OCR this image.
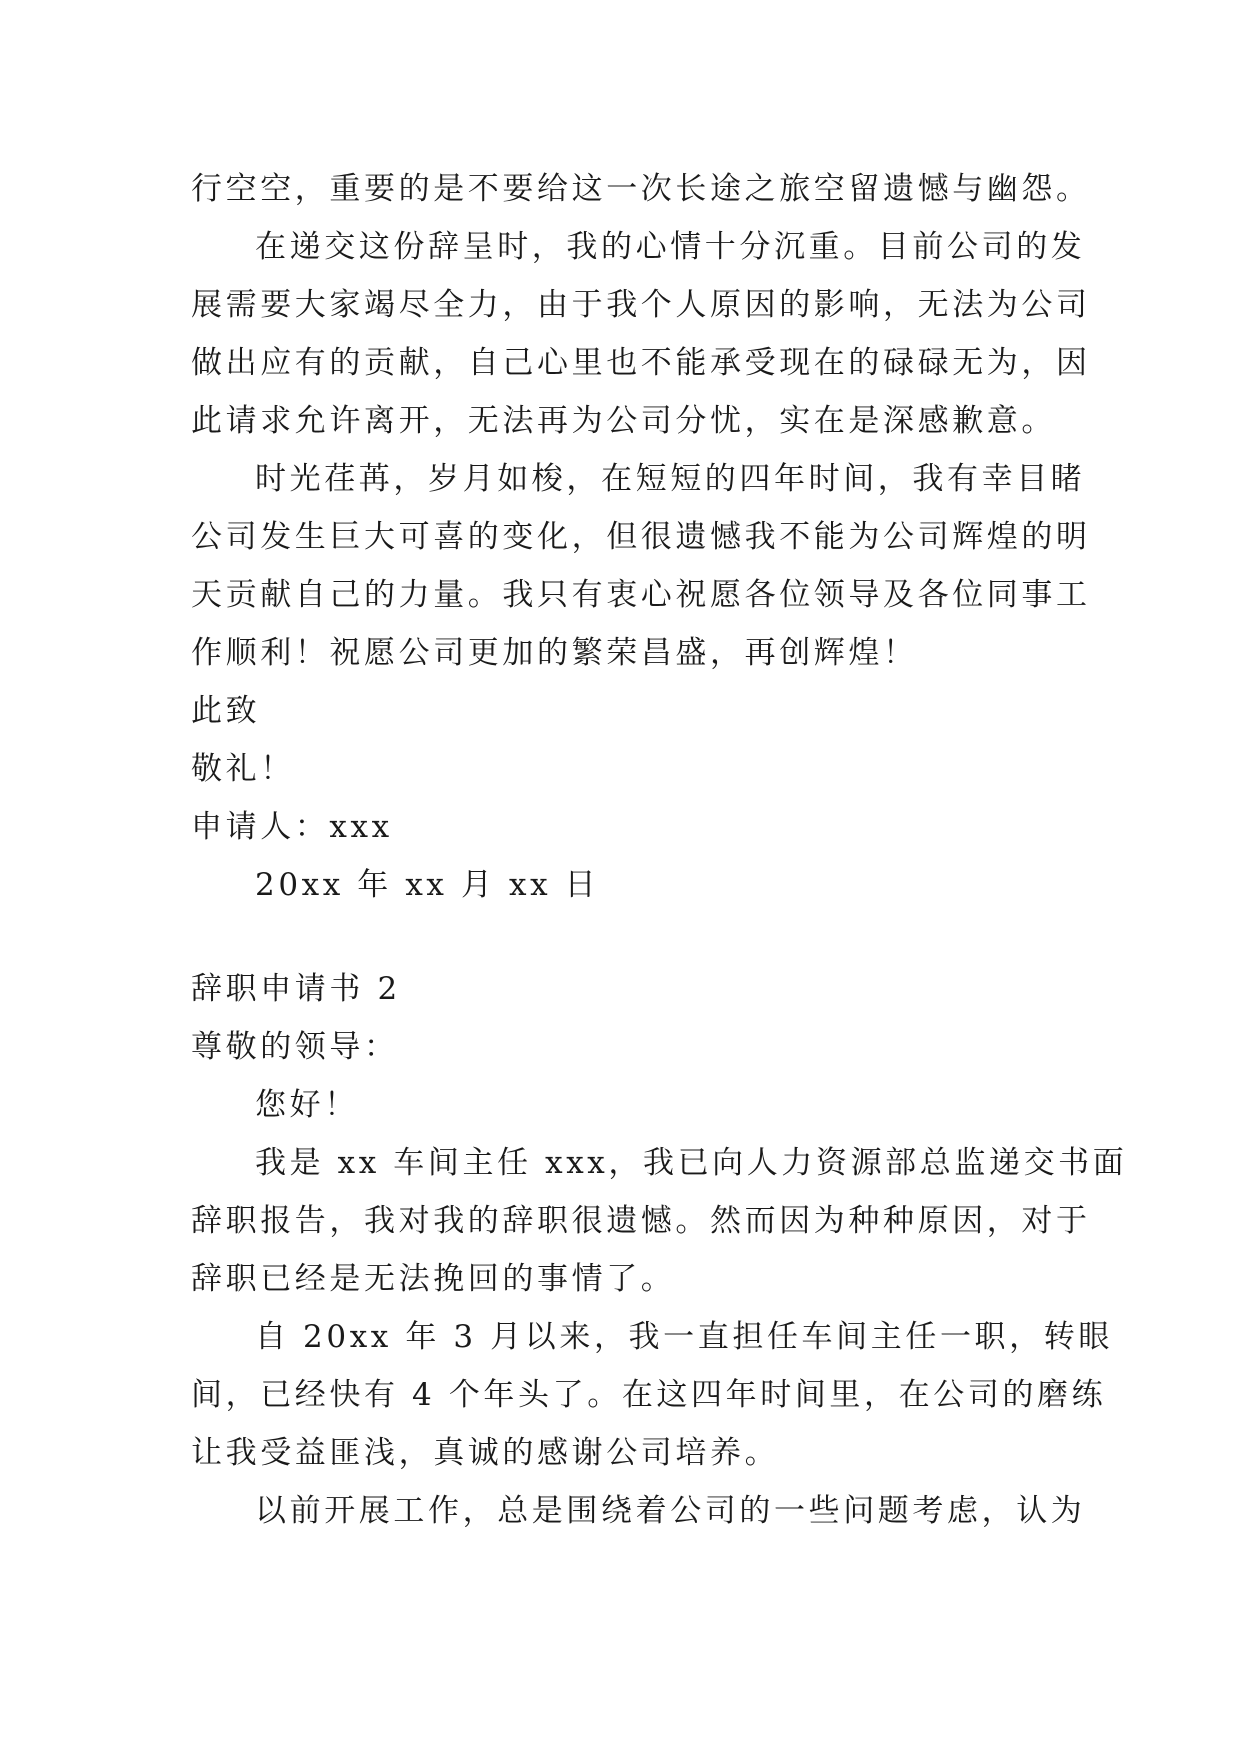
行空空，重要的是不要给这一次长途之旅空留遗憾与幽怨。
在递交这份辞呈时，我的心情十分沉重。目前公司的发
展需要大家竭尽全力，由于我个人原因的影响，无法为公司
做出应有的贡献，自己心里也不能承受现在的碌碌无为，因
此请求允许离开，无法再为公司分忧，实在是深感歉意。
时光荏苒，岁月如梭，在短短的四年时间，我有幸目睹
公司发生巨大可喜的变化，但很遗憾我不能为公司辉煌的明
天贡献自己的力量。我只有衷心祝愿各位领导及各位同事工
作顺利！祝愿公司更加的繁荣昌盛，再创辉煌！
此致
敬礼！
申请人：xxx
20xx 年 xx 月 xx 日
辞职申请书 2
尊敬的领导：
您好！
我是 xx 车间主任 xxx，我已向人力资源部总监递交书面
辞职报告，我对我的辞职很遗憾。然而因为种种原因，对于
辞职已经是无法挽回的事情了。
自 20xx 年 3 月以来，我一直担任车间主任一职，转眼
间，已经快有 4 个年头了。在这四年时间里，在公司的磨练
让我受益匪浅，真诚的感谢公司培养。
以前开展工作，总是围绕着公司的一些问题考虑，认为
